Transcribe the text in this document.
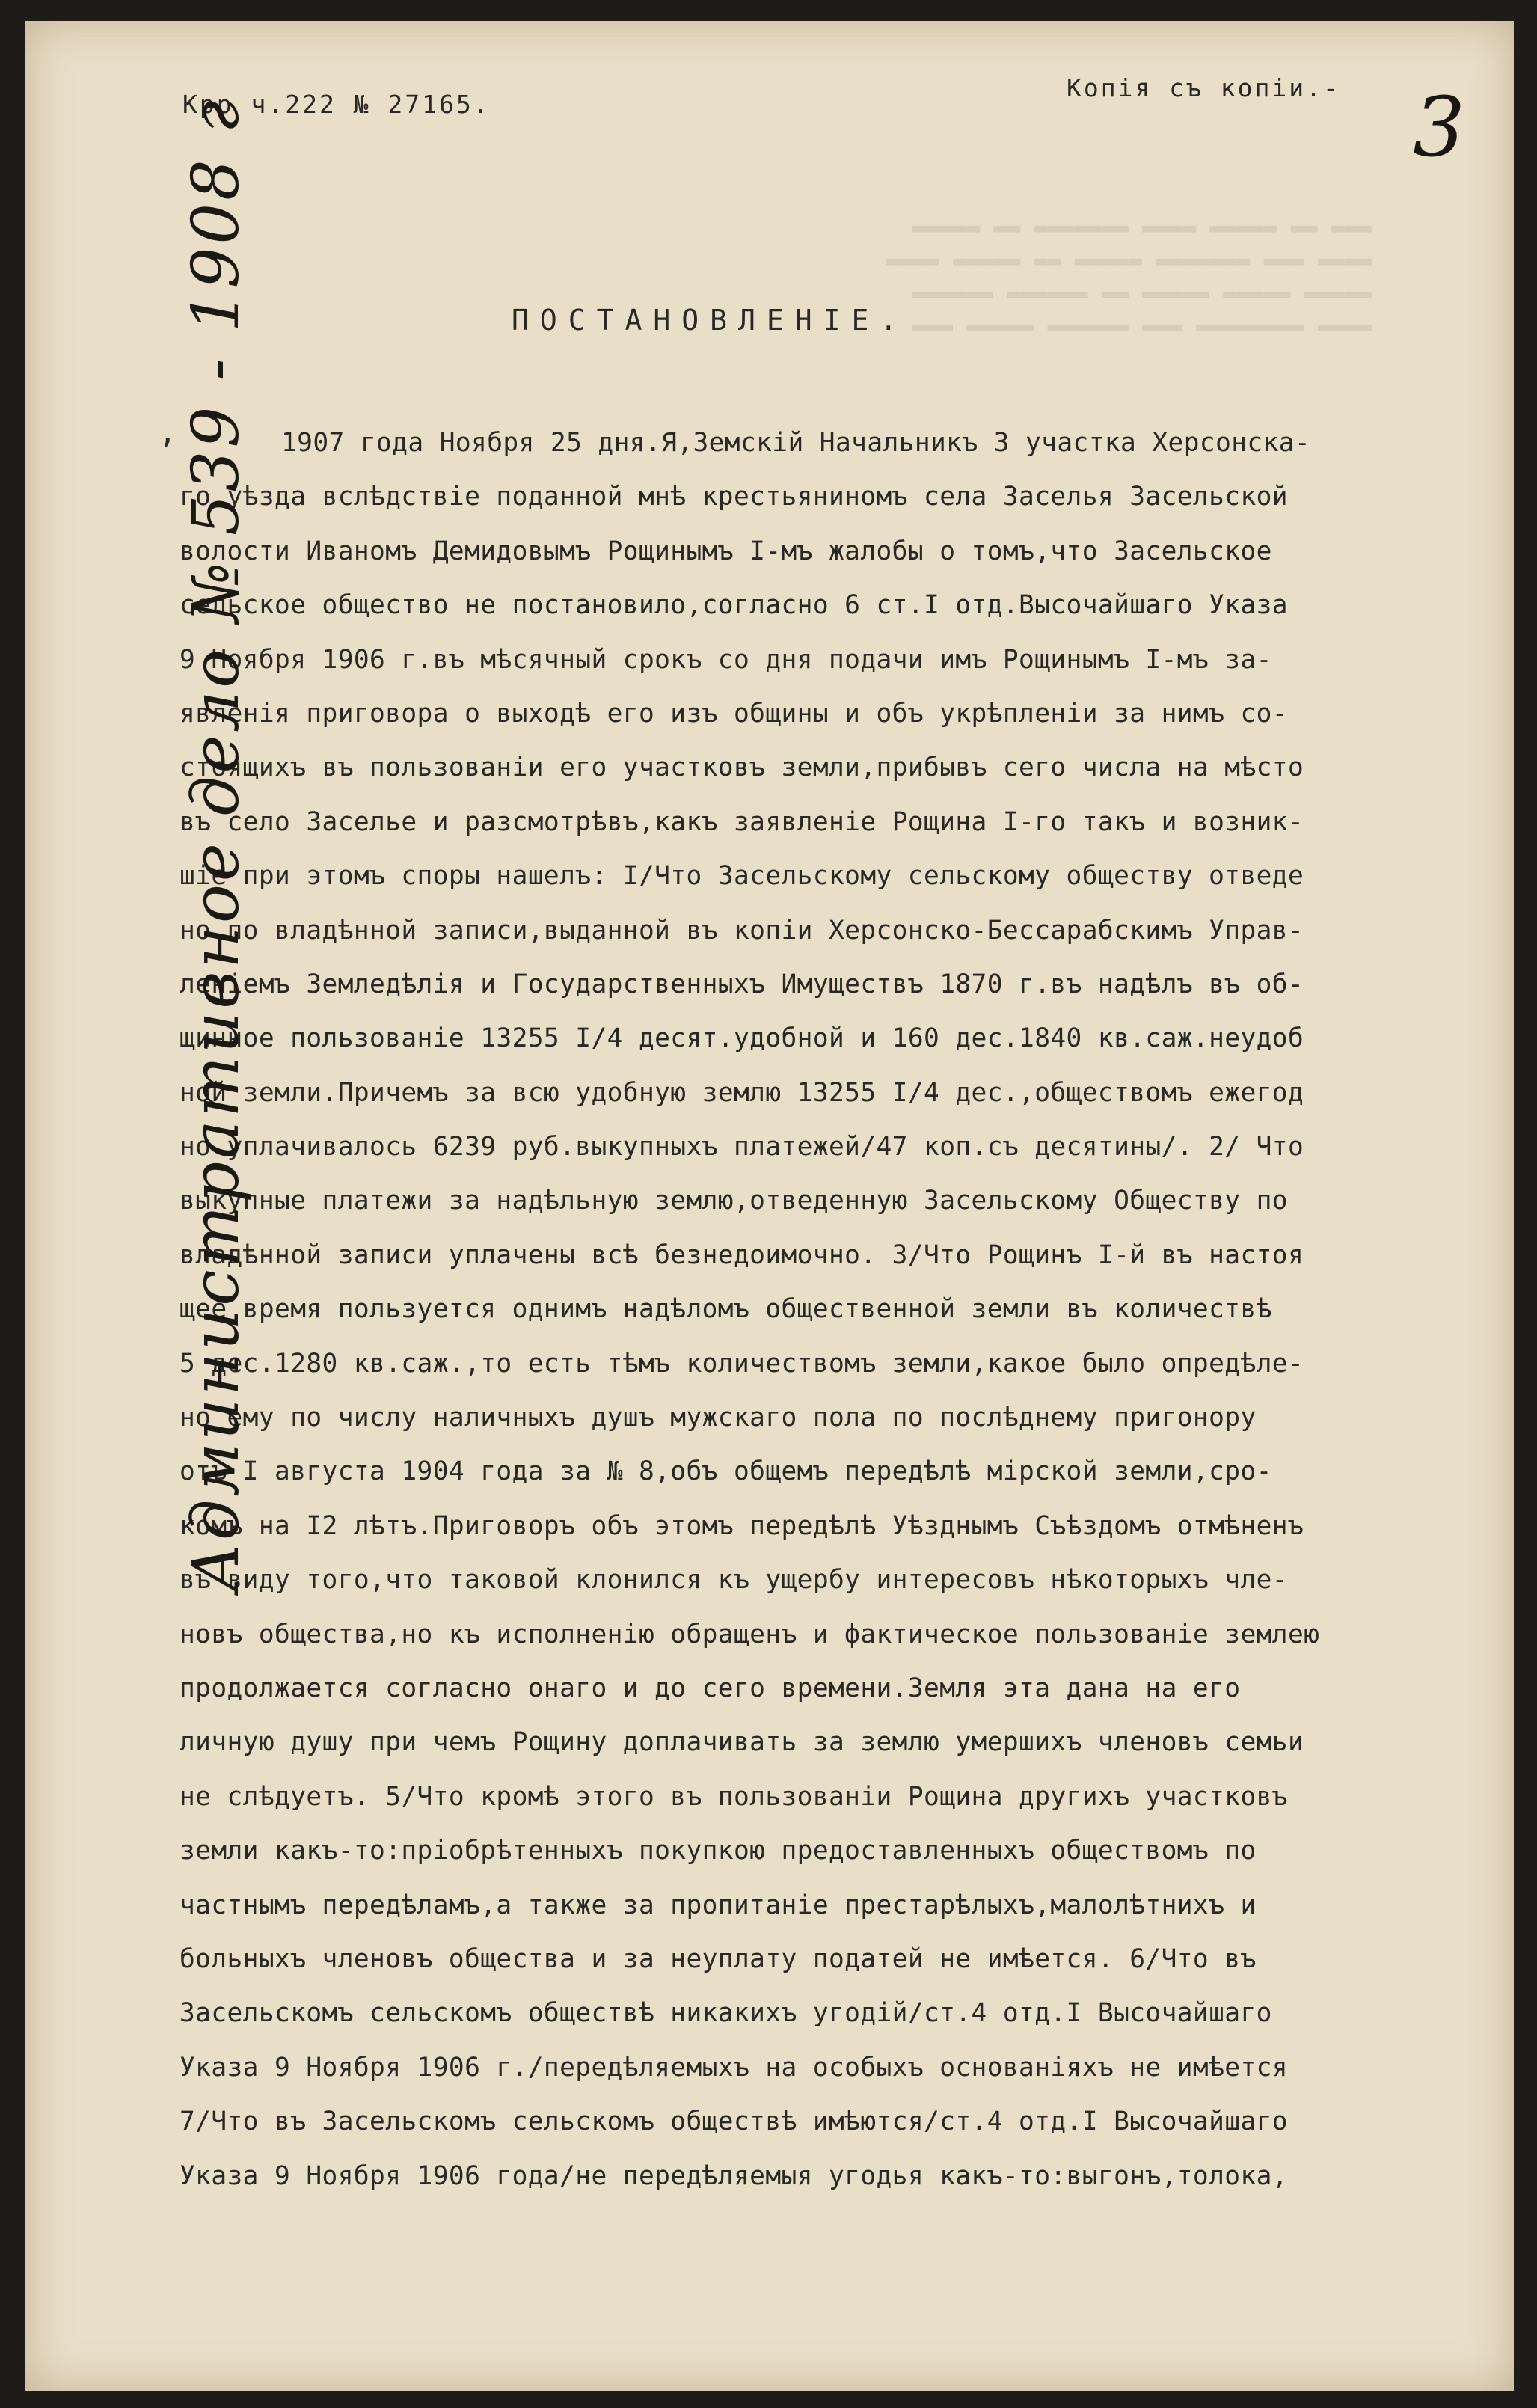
▬▬▬ ▬▬ ▬▬▬▬▬ ▬▬▬▬ ▬▬▬▬▬▬▬ ▬▬ ▬▬▬▬▬
▬▬▬▬ ▬▬▬ ▬▬▬▬▬▬▬ ▬▬▬▬▬ ▬▬ ▬▬▬▬▬ ▬▬▬▬
▬▬▬▬▬ ▬▬▬▬▬ ▬▬▬▬▬ ▬▬ ▬▬▬▬▬▬ ▬▬▬▬▬▬
▬▬▬▬ ▬▬▬▬▬▬▬▬ ▬▬▬ ▬▬▬▬▬▬ ▬▬▬▬▬ ▬▬▬
Крр ч.222 № 27165.
Копія съ копіи.- 3
ПОСТАНОВЛЕНІЕ.
,	1907 года Ноября 25 дня.Я,Земскій Начальникъ 3 участка Херсонска-
го уѣзда вслѣдствіе поданной мнѣ крестьяниномъ села Заселья Засельской
волости Иваномъ Демидовымъ Рощинымъ I-мъ жалобы о томъ,что Засельское
сельское общество не постановило,согласно 6 ст.I отд.Высочайшаго Указа
9 Ноября 1906 г.въ мѣсячный срокъ со дня подачи имъ Рощинымъ I-мъ за-
явленія приговора о выходѣ его изъ общины и объ укрѣпленіи за нимъ со-
стоящихъ въ пользованіи его участковъ земли,прибывъ сего числа на мѣсто
въ село Заселье и разсмотрѣвъ,какъ заявленіе Рощина I-го такъ и возник-
шіе при этомъ споры нашелъ: I/Что Засельскому сельскому обществу отведе
но по владѣнной записи,выданной въ копіи Херсонско-Бессарабскимъ Управ-
леніемъ Земледѣлія и Государственныхъ Имуществъ 1870 г.въ надѣлъ въ об-
щинное пользованіе 13255 I/4 десят.удобной и 160 дес.1840 кв.саж.неудоб
ной земли.Причемъ за всю удобную землю 13255 I/4 дес.,обществомъ ежегод
но уплачивалось 6239 руб.выкупныхъ платежей/47 коп.съ десятины/. 2/ Что
выкупные платежи за надѣльную землю,отведенную Засельскому Обществу по
владѣнной записи уплачены всѣ безнедоимочно. 3/Что Рощинъ I-й въ настоя
щее время пользуется однимъ надѣломъ общественной земли въ количествѣ
5 дес.1280 кв.саж.,то есть тѣмъ количествомъ земли,какое было опредѣле-
но ему по числу наличныхъ душъ мужскаго пола по послѣднему пригонору
отъ I августа 1904 года за № 8,объ общемъ передѣлѣ мірской земли,сро-
комъ на I2 лѣтъ.Приговоръ объ этомъ передѣлѣ Уѣзднымъ Съѣздомъ отмѣненъ
въ виду того,что таковой клонился къ ущербу интересовъ нѣкоторыхъ чле-
новъ общества,но къ исполненію обращенъ и фактическое пользованіе землею
продолжается согласно онаго и до сего времени.Земля эта дана на его
личную душу при чемъ Рощину доплачивать за землю умершихъ членовъ семьи
не слѣдуетъ. 5/Что кромѣ этого въ пользованіи Рощина другихъ участковъ
земли какъ-то:пріобрѣтенныхъ покупкою предоставленныхъ обществомъ по
частнымъ передѣламъ,а также за пропитаніе престарѣлыхъ,малолѣтнихъ и
больныхъ членовъ общества и за неуплату податей не имѣется. 6/Что въ
Засельскомъ сельскомъ обществѣ никакихъ угодій/ст.4 отд.I Высочайшаго
Указа 9 Ноября 1906 г./передѣляемыхъ на особыхъ основаніяхъ не имѣется
7/Что въ Засельскомъ сельскомъ обществѣ имѣются/ст.4 отд.I Высочайшаго
Указа 9 Ноября 1906 года/не передѣляемыя угодья какъ-то:выгонъ,толока,
Административное дело № 539 - 1908 г
